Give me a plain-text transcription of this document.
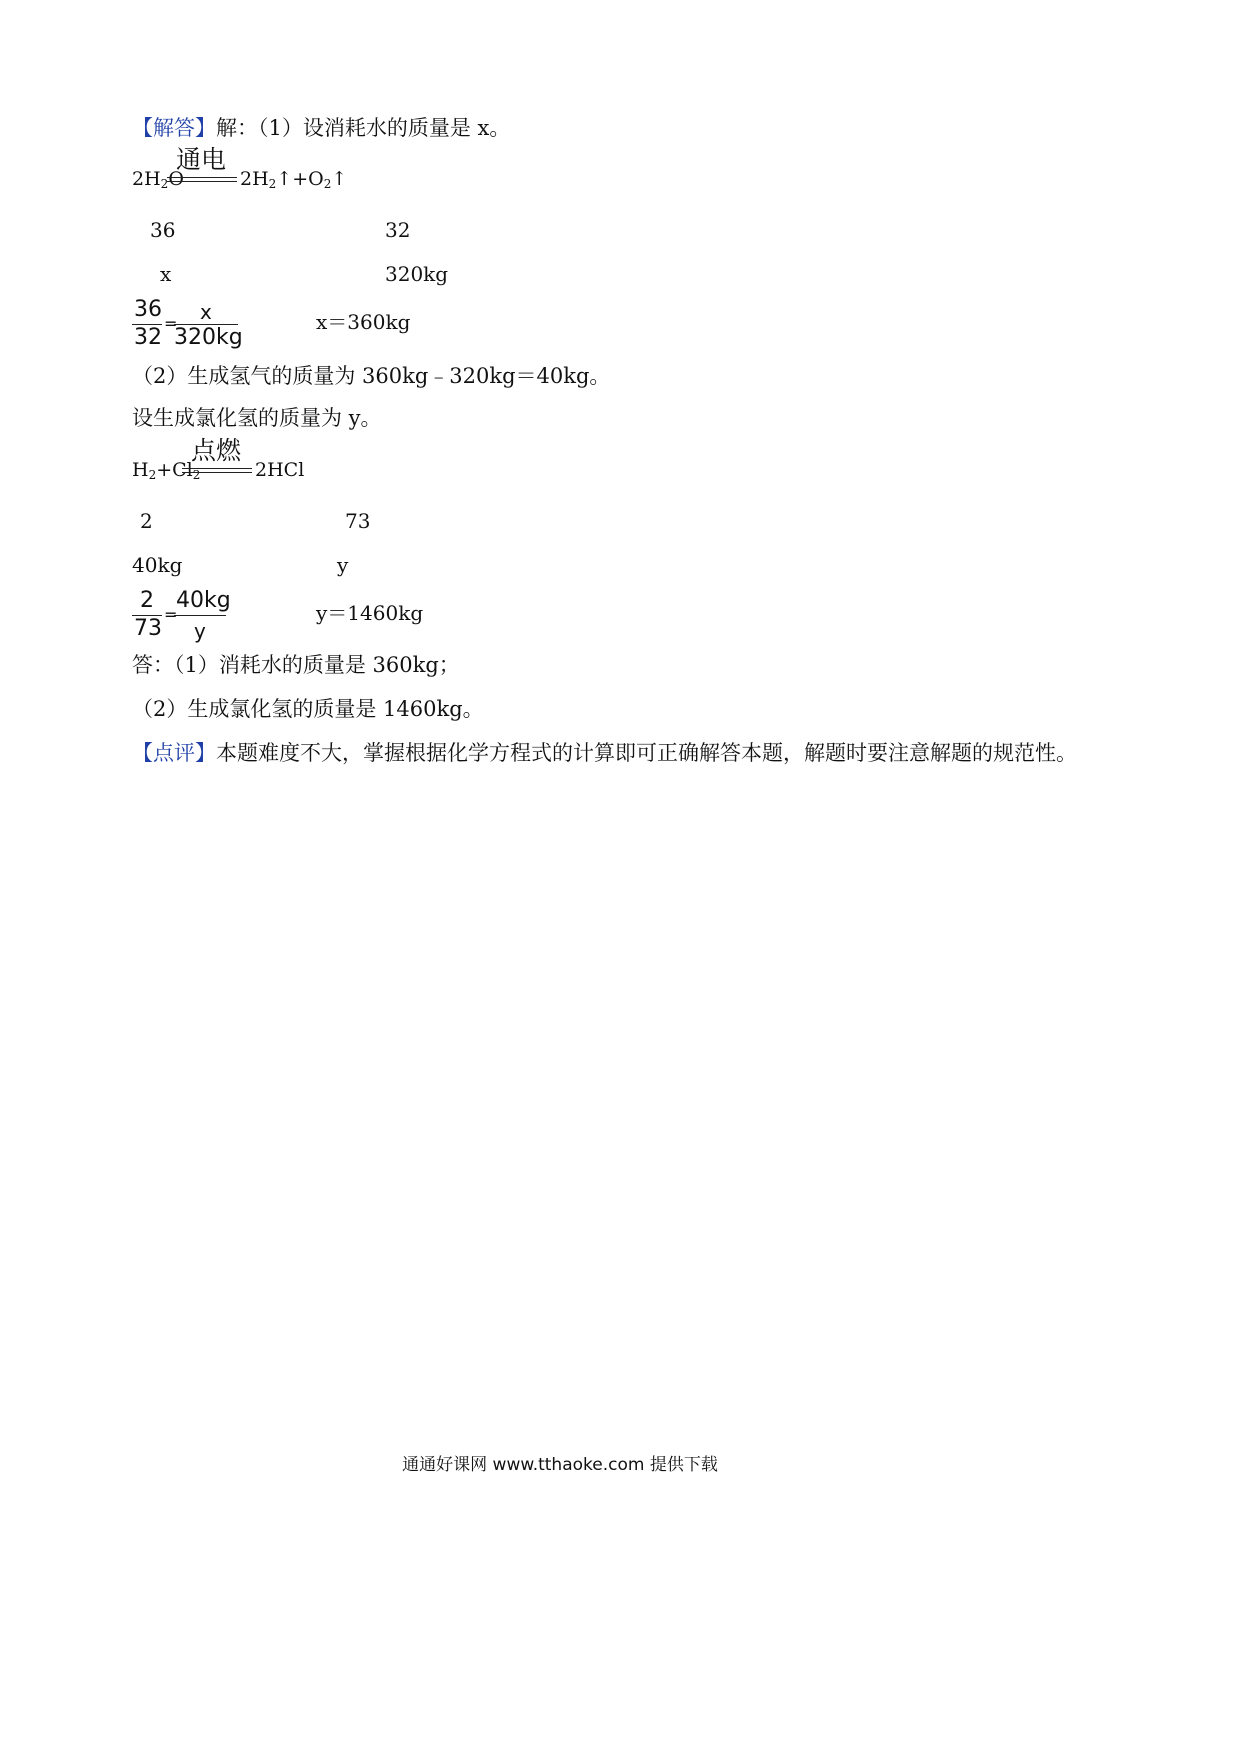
【解答】解：（1）设消耗水的质量是 x。
$2H_2O$
通电
$2H_2↑+O_2↑$
36	32
x	320kg
36
32
= x
320kg
x＝360kg
（2）生成氢气的质量为 360kg﹣320kg＝40kg。
设生成氯化氢的质量为 y。
$H_2+Cl_2$
点燃
2HCl
2	73
40kg	y
2
73
=
40kg
y
y＝1460kg
答：（1）消耗水的质量是 360kg；
（2）生成氯化氢的质量是 1460kg。
【点评】本题难度不大，掌握根据化学方程式的计算即可正确解答本题，解题时要注意解题的规范性。
通通好课网 www.tthaoke.com 提供下载
